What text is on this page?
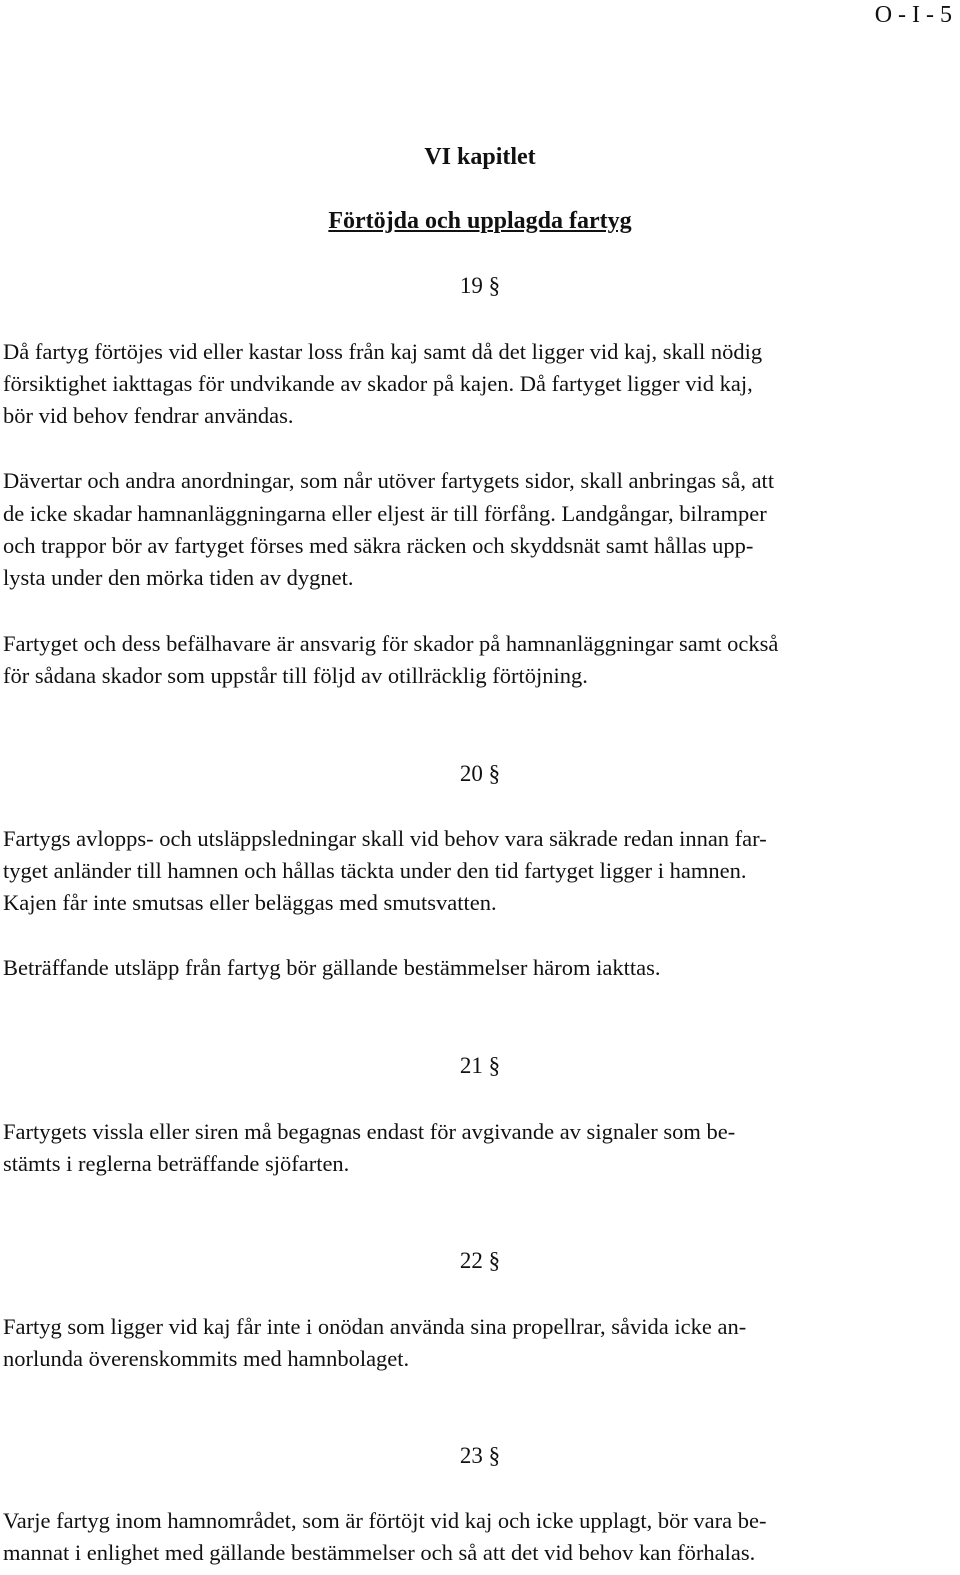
O - I - 5
VI kapitlet
Förtöjda och upplagda fartyg
19 §

Då fartyg förtöjes vid eller kastar loss från kaj samt då det ligger vid kaj, skall nödig

försiktighet iakttagas för undvikande av skador på kajen. Då fartyget ligger vid kaj,

bör vid behov fendrar användas.

Dävertar och andra anordningar, som når utöver fartygets sidor, skall anbringas så, att

de icke skadar hamnanläggningarna eller eljest är till förfång. Landgångar, bilramper

och trappor bör av fartyget förses med säkra räcken och skyddsnät samt hållas upp-

lysta under den mörka tiden av dygnet.

Fartyget och dess befälhavare är ansvarig för skador på hamnanläggningar samt också

för sådana skador som uppstår till följd av otillräcklig förtöjning.

20 §

Fartygs avlopps- och utsläppsledningar skall vid behov vara säkrade redan innan far-

tyget anländer till hamnen och hållas täckta under den tid fartyget ligger i hamnen.

Kajen får inte smutsas eller beläggas med smutsvatten.

Beträffande utsläpp från fartyg bör gällande bestämmelser härom iakttas.

21 §

Fartygets vissla eller siren må begagnas endast för avgivande av signaler som be-

stämts i reglerna beträffande sjöfarten.

22 §

Fartyg som ligger vid kaj får inte i onödan använda sina propellrar, såvida icke an-

norlunda överenskommits med hamnbolaget.

23 §

Varje fartyg inom hamnområdet, som är förtöjt vid kaj och icke upplagt, bör vara be-

mannat i enlighet med gällande bestämmelser och så att det vid behov kan förhalas.
